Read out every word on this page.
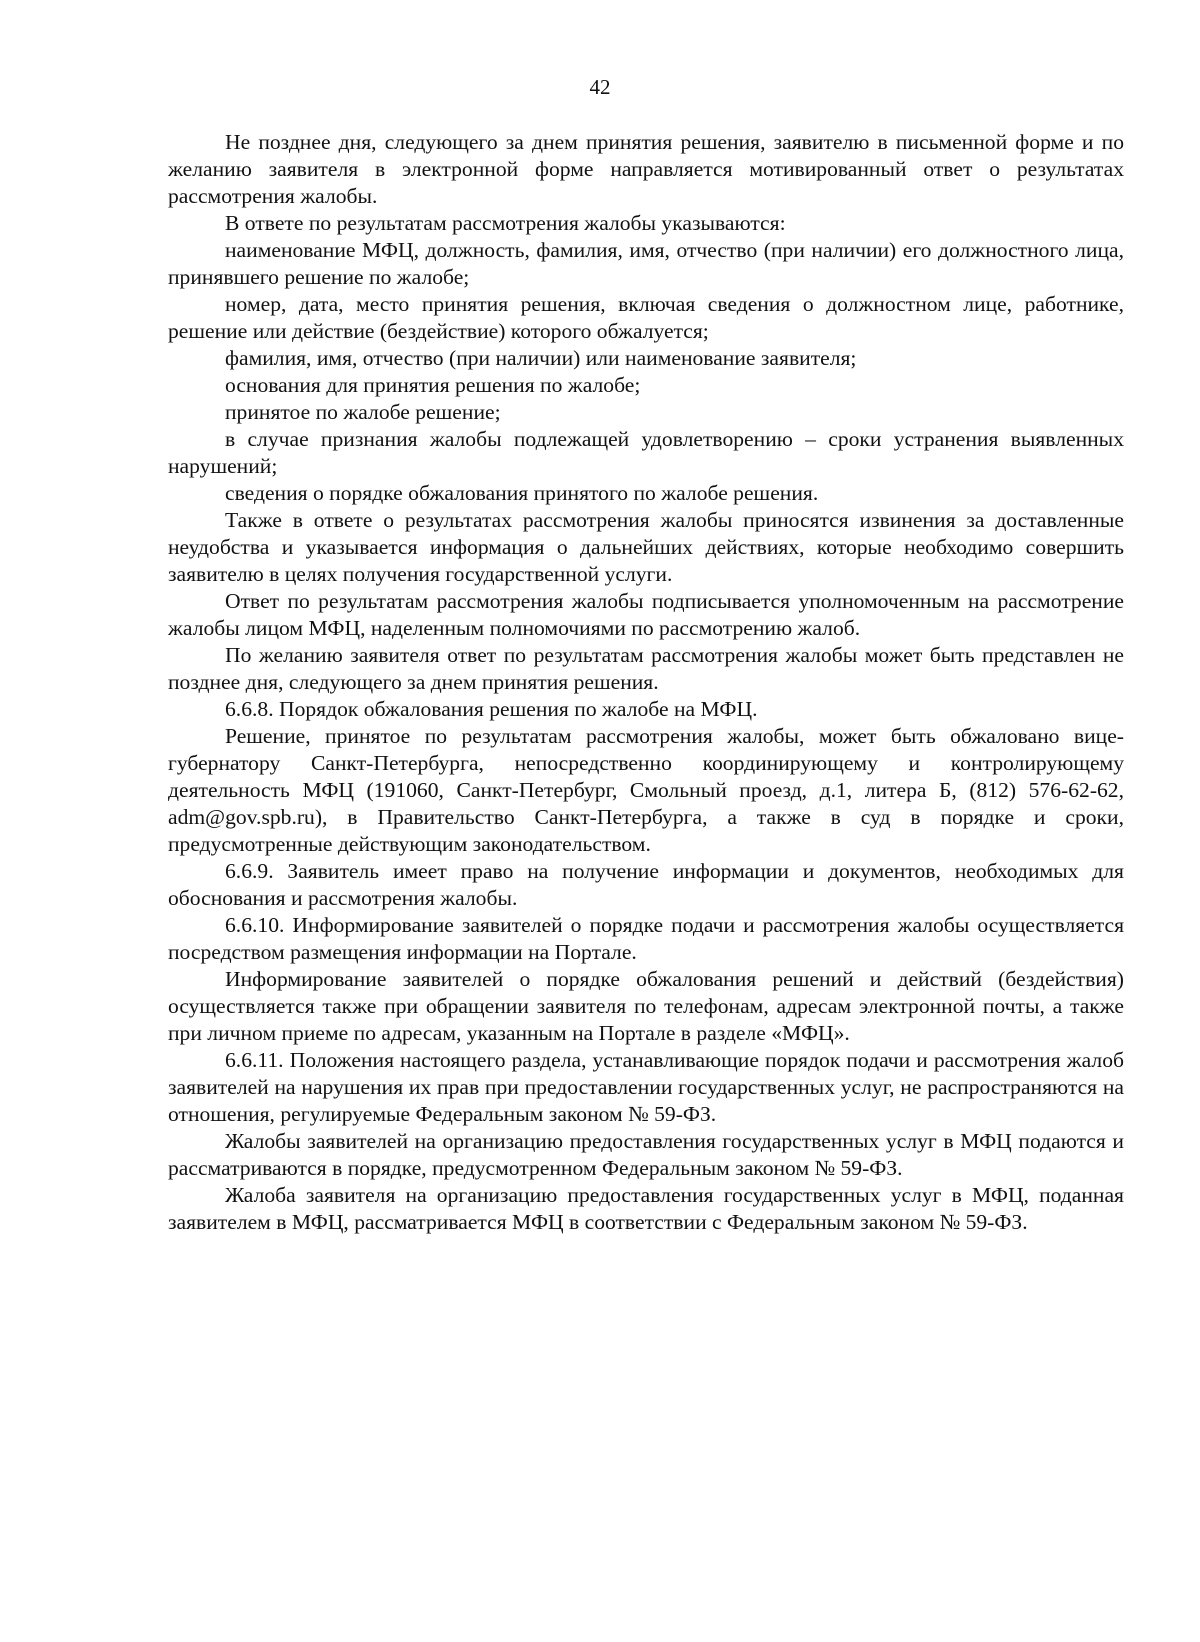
42

Не позднее дня, следующего за днем принятия решения, заявителю в письменной форме и по желанию заявителя в электронной форме направляется мотивированный ответ о результатах рассмотрения жалобы.

В ответе по результатам рассмотрения жалобы указываются:

наименование МФЦ, должность, фамилия, имя, отчество (при наличии) его должностного лица, принявшего решение по жалобе;

номер, дата, место принятия решения, включая сведения о должностном лице, работнике, решение или действие (бездействие) которого обжалуется;

фамилия, имя, отчество (при наличии) или наименование заявителя;

основания для принятия решения по жалобе;

принятое по жалобе решение;

в случае признания жалобы подлежащей удовлетворению – сроки устранения выявленных нарушений;

сведения о порядке обжалования принятого по жалобе решения.

Также в ответе о результатах рассмотрения жалобы приносятся извинения за доставленные неудобства и указывается информация о дальнейших действиях, которые необходимо совершить заявителю в целях получения государственной услуги.

Ответ по результатам рассмотрения жалобы подписывается уполномоченным на рассмотрение жалобы лицом МФЦ, наделенным полномочиями по рассмотрению жалоб.

По желанию заявителя ответ по результатам рассмотрения жалобы может быть представлен не позднее дня, следующего за днем принятия решения.

6.6.8. Порядок обжалования решения по жалобе на МФЦ.

Решение, принятое по результатам рассмотрения жалобы, может быть обжаловано вице-губернатору Санкт-Петербурга, непосредственно координирующему и контролирующему деятельность МФЦ (191060, Санкт-Петербург, Смольный проезд, д.1, литера Б, (812) 576-62-62, adm@gov.spb.ru), в Правительство Санкт-Петербурга, а также в суд в порядке и сроки, предусмотренные действующим законодательством.

6.6.9. Заявитель имеет право на получение информации и документов, необходимых для обоснования и рассмотрения жалобы.

6.6.10. Информирование заявителей о порядке подачи и рассмотрения жалобы осуществляется посредством размещения информации на Портале.

Информирование заявителей о порядке обжалования решений и действий (бездействия) осуществляется также при обращении заявителя по телефонам, адресам электронной почты, а также при личном приеме по адресам, указанным на Портале в разделе «МФЦ».

6.6.11. Положения настоящего раздела, устанавливающие порядок подачи и рассмотрения жалоб заявителей на нарушения их прав при предоставлении государственных услуг, не распространяются на отношения, регулируемые Федеральным законом № 59-ФЗ.

Жалобы заявителей на организацию предоставления государственных услуг в МФЦ подаются и рассматриваются в порядке, предусмотренном Федеральным законом № 59-ФЗ.

Жалоба заявителя на организацию предоставления государственных услуг в МФЦ, поданная заявителем в МФЦ, рассматривается МФЦ в соответствии с Федеральным законом № 59-ФЗ.
